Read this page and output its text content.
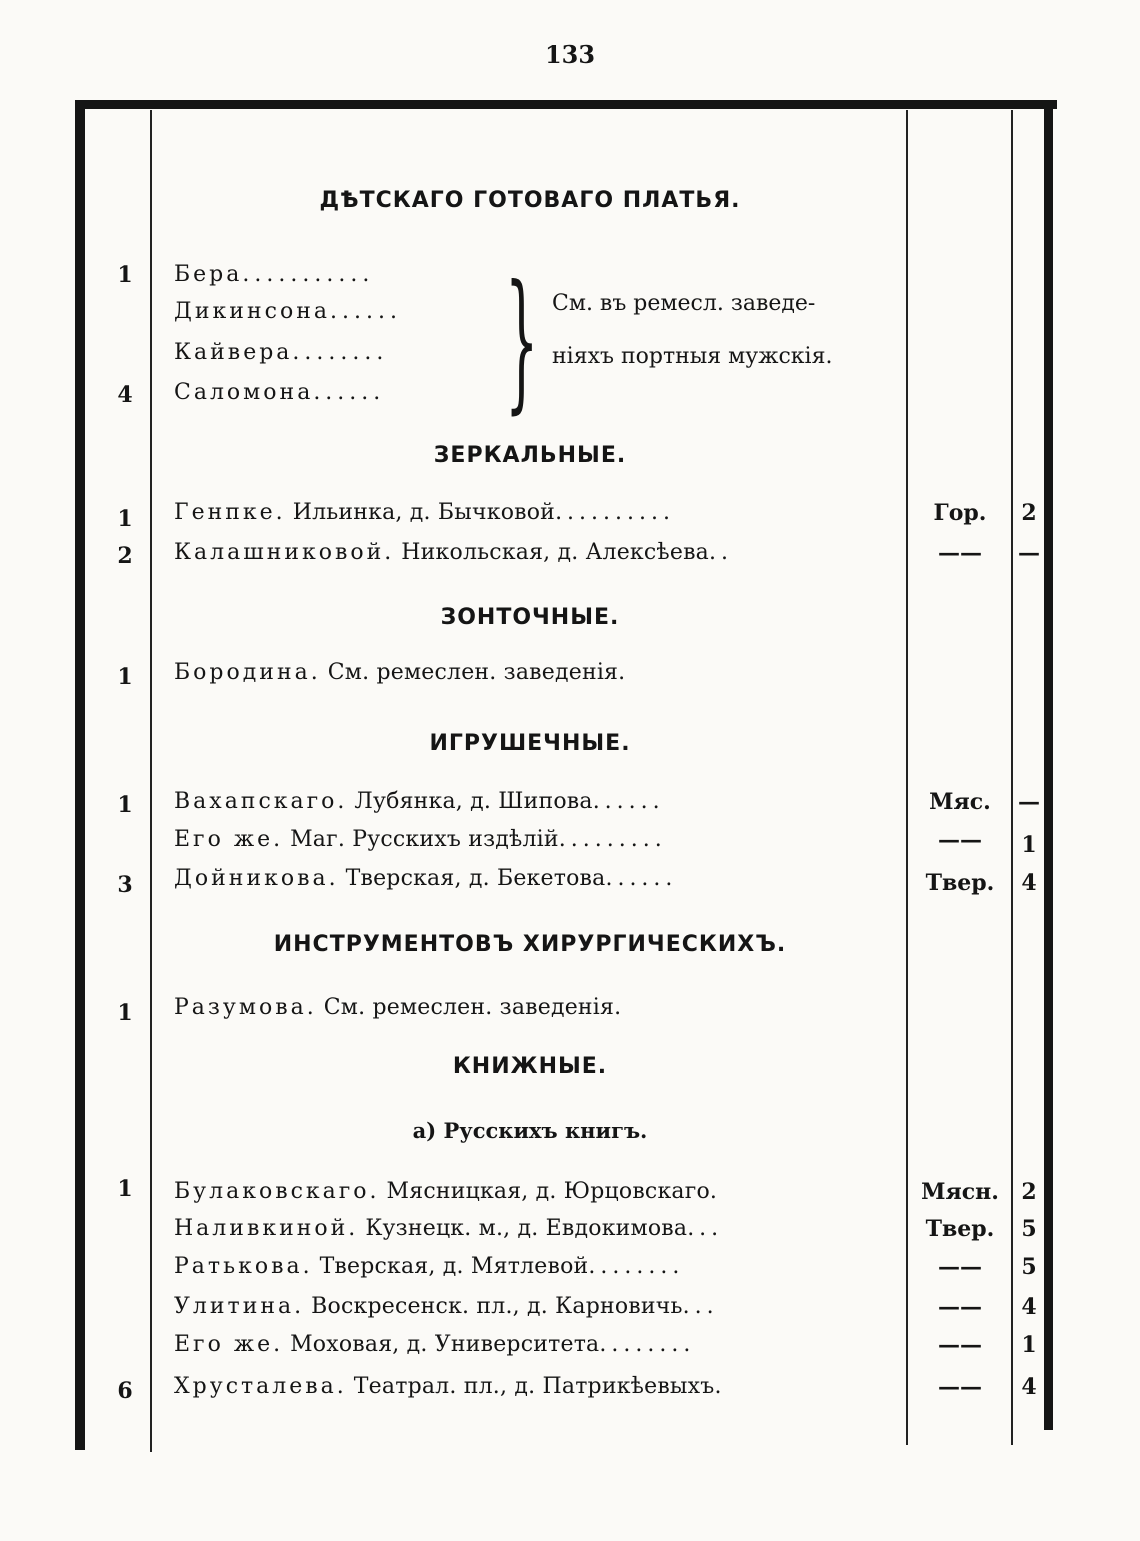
133
ДѢТСКАГО ГОТОВАГО ПЛАТЬЯ.
1	Бера...........
Дикинсона......
Кайвера........
4	Саломона...... } См. въ ремесл. заведе-
ніяхъ портныя мужскія.
ЗЕРКАЛЬНЫЕ.
1	Генпке. Ильинка, д. Бычковой..........	Гор.	2
2	Калашниковой. Никольская, д. Алексѣева..	——	—
ЗОНТОЧНЫЕ.
1	Бородина. См. ремеслен. заведенія.
ИГРУШЕЧНЫЕ.
1	Вахапскаго. Лубянка, д. Шипова......	Мяс.	—
Его же. Маг. Русскихъ издѣлій.........	——	1
3	Дойникова. Тверская, д. Бекетова......	Твер.	4
ИНСТРУМЕНТОВЪ ХИРУРГИЧЕСКИХЪ.
1	Разумова. См. ремеслен. заведенія.
КНИЖНЫЕ.
а) Русскихъ книгъ.
1	Булаковскаго. Мясницкая, д. Юрцовскаго.	Мясн.	2
Наливкиной. Кузнецк. м., д. Евдокимова...	Твер.	5
Ратькова. Тверская, д. Мятлевой........	——	5
Улитина. Воскресенск. пл., д. Карновичь...	——	4
Его же. Моховая, д. Университета........	——	1
6	Хрусталева. Театрал. пл., д. Патрикѣевыхъ.	——	4
